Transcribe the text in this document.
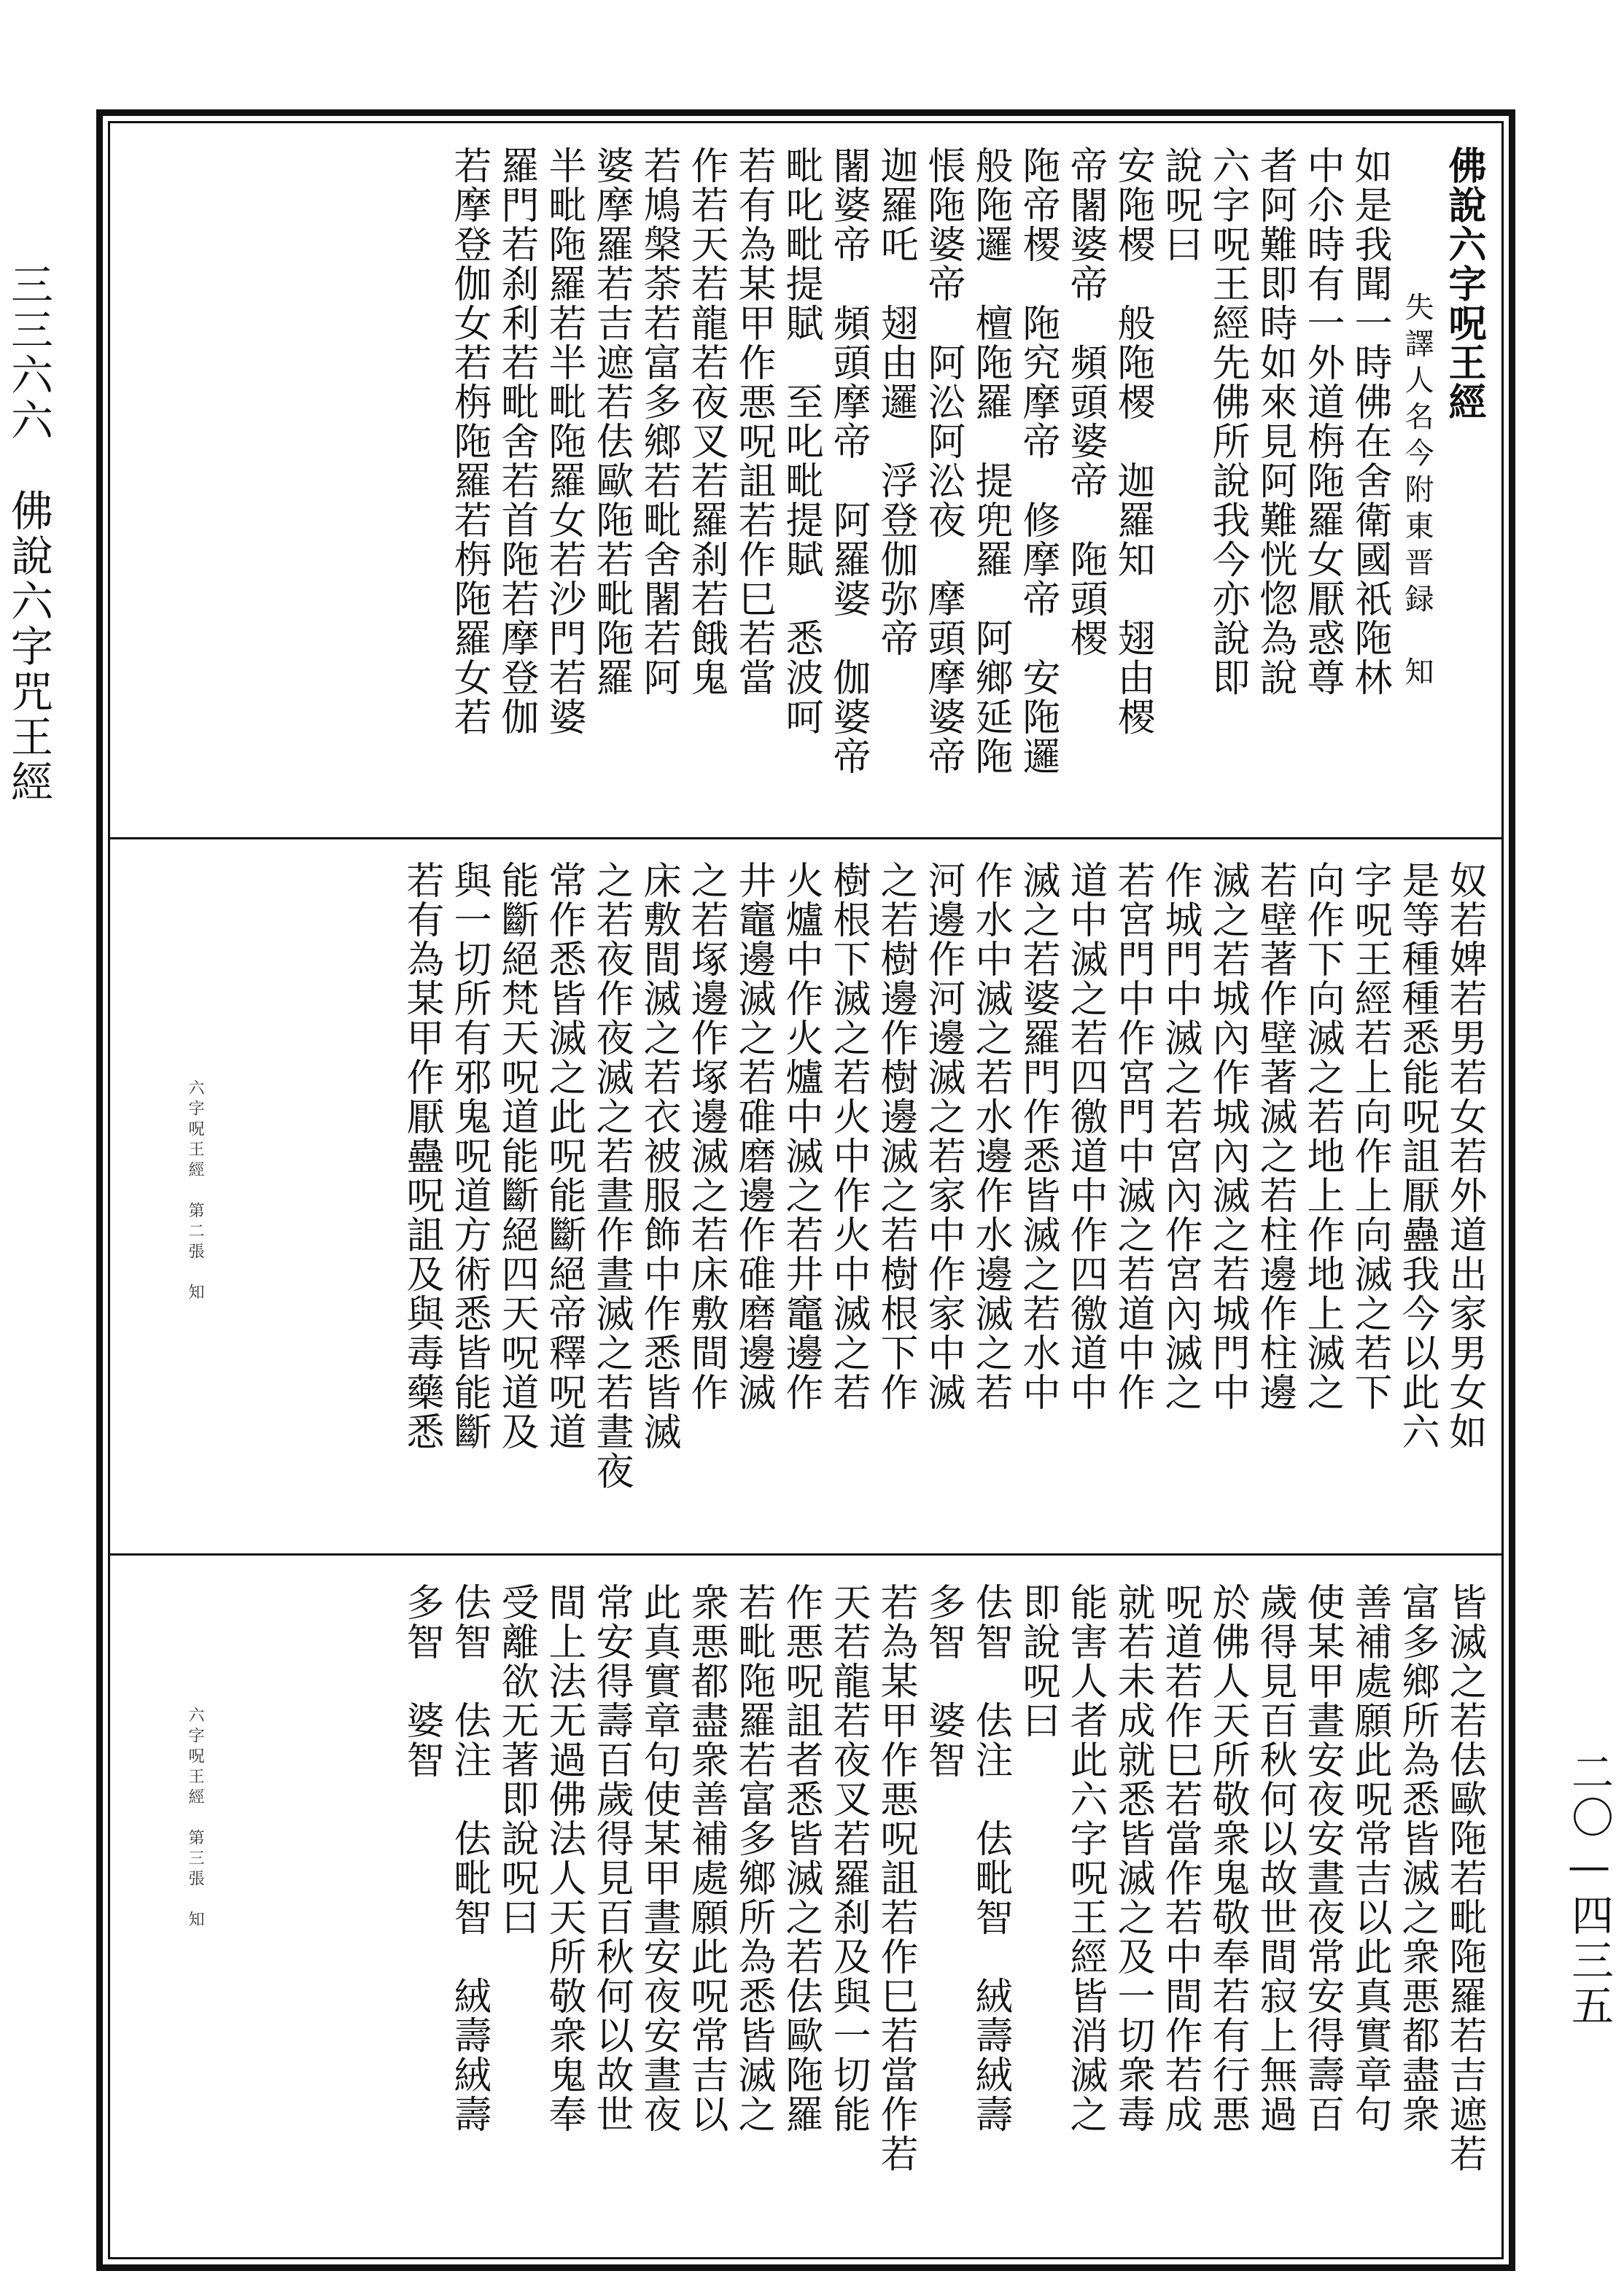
三三六六　佛說六字咒王經
二〇—四三五
佛說六字呪王經
失譯人名今附東晋録　知
如是我聞一時佛在舍衛國祇陁林
中尒時有一外道栴陁羅女厭惑尊
者阿難即時如來見阿難恍惚為說
六字呪王經先佛所說我今亦說即
說呪曰
安陁㮨　般陁㮨　迦羅知　翅由㮨
帝闍婆帝　頻頭婆帝　陁頭㮨
陁帝㮨　陁究摩帝　修摩帝　安陁邏
般陁邏　檀陁羅　提兜羅　阿鄉延陁
悵陁婆帝　阿㳂阿㳂夜　摩頭摩婆帝
迦羅吒　翅由邏　浮登伽弥帝
闍婆帝　頻頭摩帝　阿羅婆　伽婆帝
毗叱毗提賦　至叱毗提賦　悉波呵
若有為某甲作悪呪詛若作巳若當
作若天若龍若夜叉若羅刹若餓鬼
若鳩槃荼若富多鄉若毗舍闍若阿
婆摩羅若吉遮若佉歐陁若毗陁羅
半毗陁羅若半毗陁羅女若沙門若婆
羅門若刹利若毗舍若首陁若摩登伽
若摩登伽女若栴陁羅若栴陁羅女若
奴若婢若男若女若外道出家男女如
是等種種悉能呪詛厭蠱我今以此六
字呪王經若上向作上向滅之若下
向作下向滅之若地上作地上滅之
若壁著作壁著滅之若柱邊作柱邊
滅之若城內作城內滅之若城門中
作城門中滅之若宮內作宮內滅之
若宮門中作宮門中滅之若道中作
道中滅之若四徼道中作四徼道中
滅之若婆羅門作悉皆滅之若水中
作水中滅之若水邊作水邊滅之若
河邊作河邊滅之若家中作家中滅
之若樹邊作樹邊滅之若樹根下作
樹根下滅之若火中作火中滅之若
火爐中作火爐中滅之若井竈邊作
井竈邊滅之若碓磨邊作碓磨邊滅
之若塚邊作塚邊滅之若床敷間作
床敷間滅之若衣被服飾中作悉皆滅
之若夜作夜滅之若晝作晝滅之若晝夜
常作悉皆滅之此呪能斷絕帝釋呪道
能斷絕梵天呪道能斷絕四天呪道及
與一切所有邪鬼呪道方術悉皆能斷
若有為某甲作厭蠱呪詛及與毒藥悉
皆滅之若佉歐陁若毗陁羅若吉遮若
富多鄉所為悉皆滅之衆悪都盡衆
善補處願此呪常吉以此真實章句
使某甲晝安夜安晝夜常安得壽百
歲得見百秋何以故世間寂上無過
於佛人天所敬衆鬼敬奉若有行悪
呪道若作巳若當作若中間作若成
就若未成就悉皆滅之及一切衆毒
能害人者此六字呪王經皆消滅之
即說呪曰
佉智　佉注　佉毗智　絨壽絨壽
多智　婆智
若為某甲作悪呪詛若作巳若當作若
天若龍若夜叉若羅刹及與一切能
作悪呪詛者悉皆滅之若佉歐陁羅
若毗陁羅若富多鄉所為悉皆滅之
衆悪都盡衆善補處願此呪常吉以
此真實章句使某甲晝安夜安晝夜
常安得壽百歲得見百秋何以故世
間上法无過佛法人天所敬衆鬼奉
受離欲无著即說呪曰
佉智　佉注　佉毗智　絨壽絨壽
多智　婆智
六字呪王經　第二張　知
六字呪王經　第三張　知
